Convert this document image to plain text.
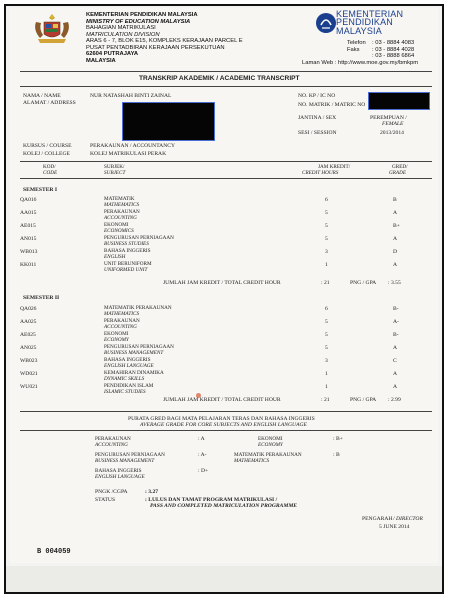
KEMENTERIAN PENDIDIKAN MALAYSIA
MINISTRY OF EDUCATION MALAYSIA
BAHAGIAN MATRIKULASI
MATRICULATION DIVISION
ARAS 6 - 7, BLOK E15, KOMPLEKS KERAJAAN PARCEL E
PUSAT PENTADBIRAN KERAJAAN PERSEKUTUAN
62604 PUTRAJAYA
MALAYSIA
KEMENTERIAN
PENDIDIKAN
MALAYSIA
Telefon : 03 - 8884 4083
Faks : 03 - 8884 4028
: 03 - 8888 6864
Laman Web : http://www.moe.gov.my/bmkpm
TRANSKRIP AKADEMIK / ACADEMIC TRANSCRIPT
NAMA / NAME	NUR NATASHAH BINTI ZAINAL
ALAMAT / ADDRESS
NO. KP / IC NO
NO. MATRIK / MATRIC NO
JANTINA / SEX	PEREMPUAN /
FEMALE
SESI / SESSION	2013/2014
KURSUS / COURSE	PERAKAUNAN / ACCOUNTANCY
KOLEJ / COLLEGE	KOLEJ MATRIKULASI PERAK
KOD/
CODE
SUBJEK/
SUBJECT
JAM KREDIT/
CREDIT HOURS
GRED/
GRADE
SEMESTER I
QA016	MATEMATIK
MATHEMATICS
6	B
AA015	PERAKAUNAN
ACCOUNTING
5	A
AE015	EKONOMI
ECONOMICS
5	B+
AN015	PENGURUSAN PERNIAGAAN
BUSINESS STUDIES
5	A
WB013	BAHASA INGGERIS
ENGLISH
3	D
KK011	UNIT BERUNIFORM
UNIFORMED UNIT
1	A
JUMLAH JAM KREDIT / TOTAL CREDIT HOUR	: 21	PNG / GPA : 3.55
SEMESTER II
QA026	MATEMATIK PERAKAUNAN
MATHEMATICS
6	B-
AA025	PERAKAUNAN
ACCOUNTING
5	A-
AE025	EKONOMI
ECONOMY
5	B-
AN025	PENGURUSAN PERNIAGAAN
BUSINESS MANAGEMENT
5	A
WB023	BAHASA INGGERIS
ENGLISH LANGUAGE
3	C
WD021	KEMAHIRAN DINAMIKA
DYNAMIC SKILLS
1	A
WU021	PENDIDIKAN ISLAM
ISLAMIC STUDIES
1	A
JUMLAH JAM KREDIT / TOTAL CREDIT HOUR	: 21	PNG / GPA : 2.99
PURATA GRED BAGI MATA PELAJARAN TERAS DAN BAHASA INGGERIS
AVERAGE GRADE FOR CORE SUBJECTS AND ENGLISH LANGUAGE
PERAKAUNAN
ACCOUNTING
: A	EKONOMI
ECONOMY
: B+
PENGURUSAN PERNIAGAAN
BUSINESS MANAGEMENT
: A-	MATEMATIK PERAKAUNAN
MATHEMATICS
: B
BAHASA INGGERIS
ENGLISH LANGUAGE
: D+
PNGK /CGPA	: 3.27
STATUS	: LULUS DAN TAMAT PROGRAM MATRIKULASI /
PASS AND COMPLETED MATRICULATION PROGRAMME
PENGARAH / DIRECTOR
5 JUNE 2014
B 004059
